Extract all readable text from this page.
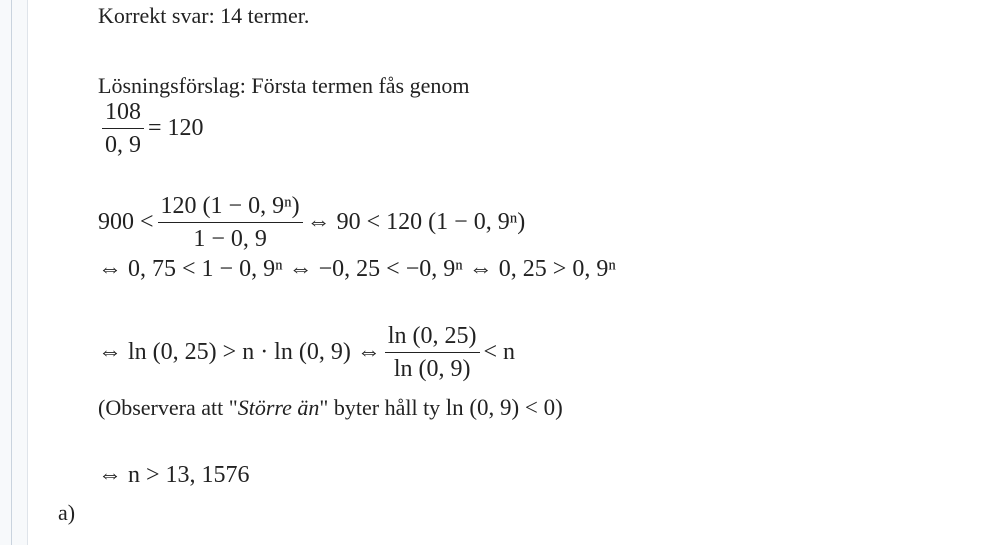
Korrekt svar: 14 termer.
Lösningsförslag: Första termen fås genom
$\frac{108}{0, 9} = 120$
$900 < \frac{\text{120 (1 − 0, 9ⁿ)}}{1 - 0, 9}$ ⇔ 90 < 120 (1 − 0, 9ⁿ)
⇔ 0, 75 < 1 − 0, 9ⁿ ⇔ −0, 25 < −0, 9ⁿ ⇔ 0, 25 > 0, 9ⁿ
⇔ ln (0, 25) > n · ln (0, 9) ⇔ $\frac{\ln (0, 25)}{\ln (0, 9)} < n$
(Observera att "Större än" byter håll ty ln (0, 9) < 0)
⇔ n > 13, 1576
a)
